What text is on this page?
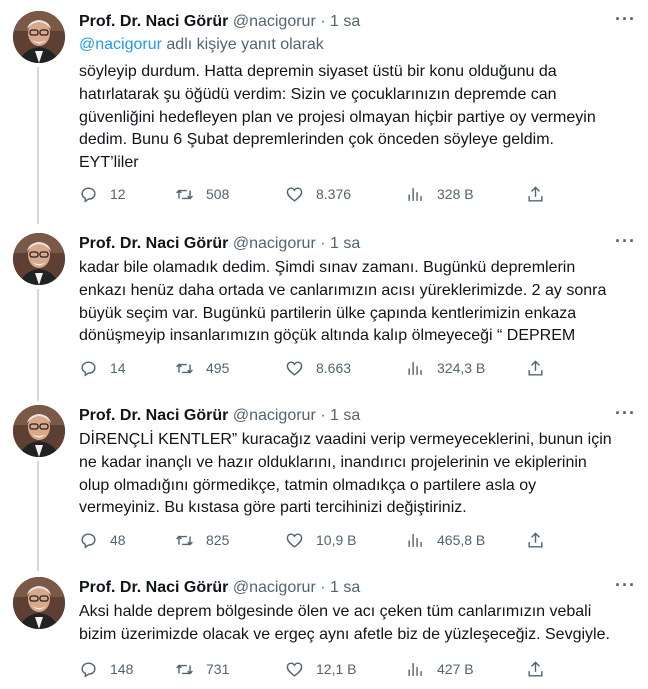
Prof. Dr. Naci Görür @nacigorur · 1 sa	···
@nacigorur adlı kişiye yanıt olarak

söyleyip durdum. Hatta depremin siyaset üstü bir konu olduğunu da

hatırlatarak şu öğüdü verdim: Sizin ve çocuklarınızın depremde can

güvenliğini hedefleyen plan ve projesi olmayan hiçbir partiye oy vermeyin

dedim. Bunu 6 Şubat depremlerinden çok önceden söyleye geldim.

EYT’liler

12	508	8.376	328 B
Prof. Dr. Naci Görür @nacigorur · 1 sa	···

kadar bile olamadık dedim. Şimdi sınav zamanı. Bugünkü depremlerin

enkazı henüz daha ortada ve canlarımızın acısı yüreklerimizde. 2 ay sonra

büyük seçim var. Bugünkü partilerin ülke çapında kentlerimizin enkaza

dönüşmeyip insanlarımızın göçük altında kalıp ölmeyeceği “ DEPREM

14	495	8.663	324,3 B
Prof. Dr. Naci Görür @nacigorur · 1 sa	···

DİRENÇLİ KENTLER” kuracağız vaadini verip vermeyeceklerini, bunun için

ne kadar inançlı ve hazır olduklarını, inandırıcı projelerinin ve ekiplerinin

olup olmadığını görmedikçe, tatmin olmadıkça o partilere asla oy

vermeyiniz. Bu kıstasa göre parti tercihinizi değiştiriniz.

48	825	10,9 B	465,8 B
Prof. Dr. Naci Görür @nacigorur · 1 sa	···

Aksi halde deprem bölgesinde ölen ve acı çeken tüm canlarımızın vebali

bizim üzerimizde olacak ve ergeç aynı afetle biz de yüzleşeceğiz. Sevgiyle.

148	731	12,1 B	427 B
